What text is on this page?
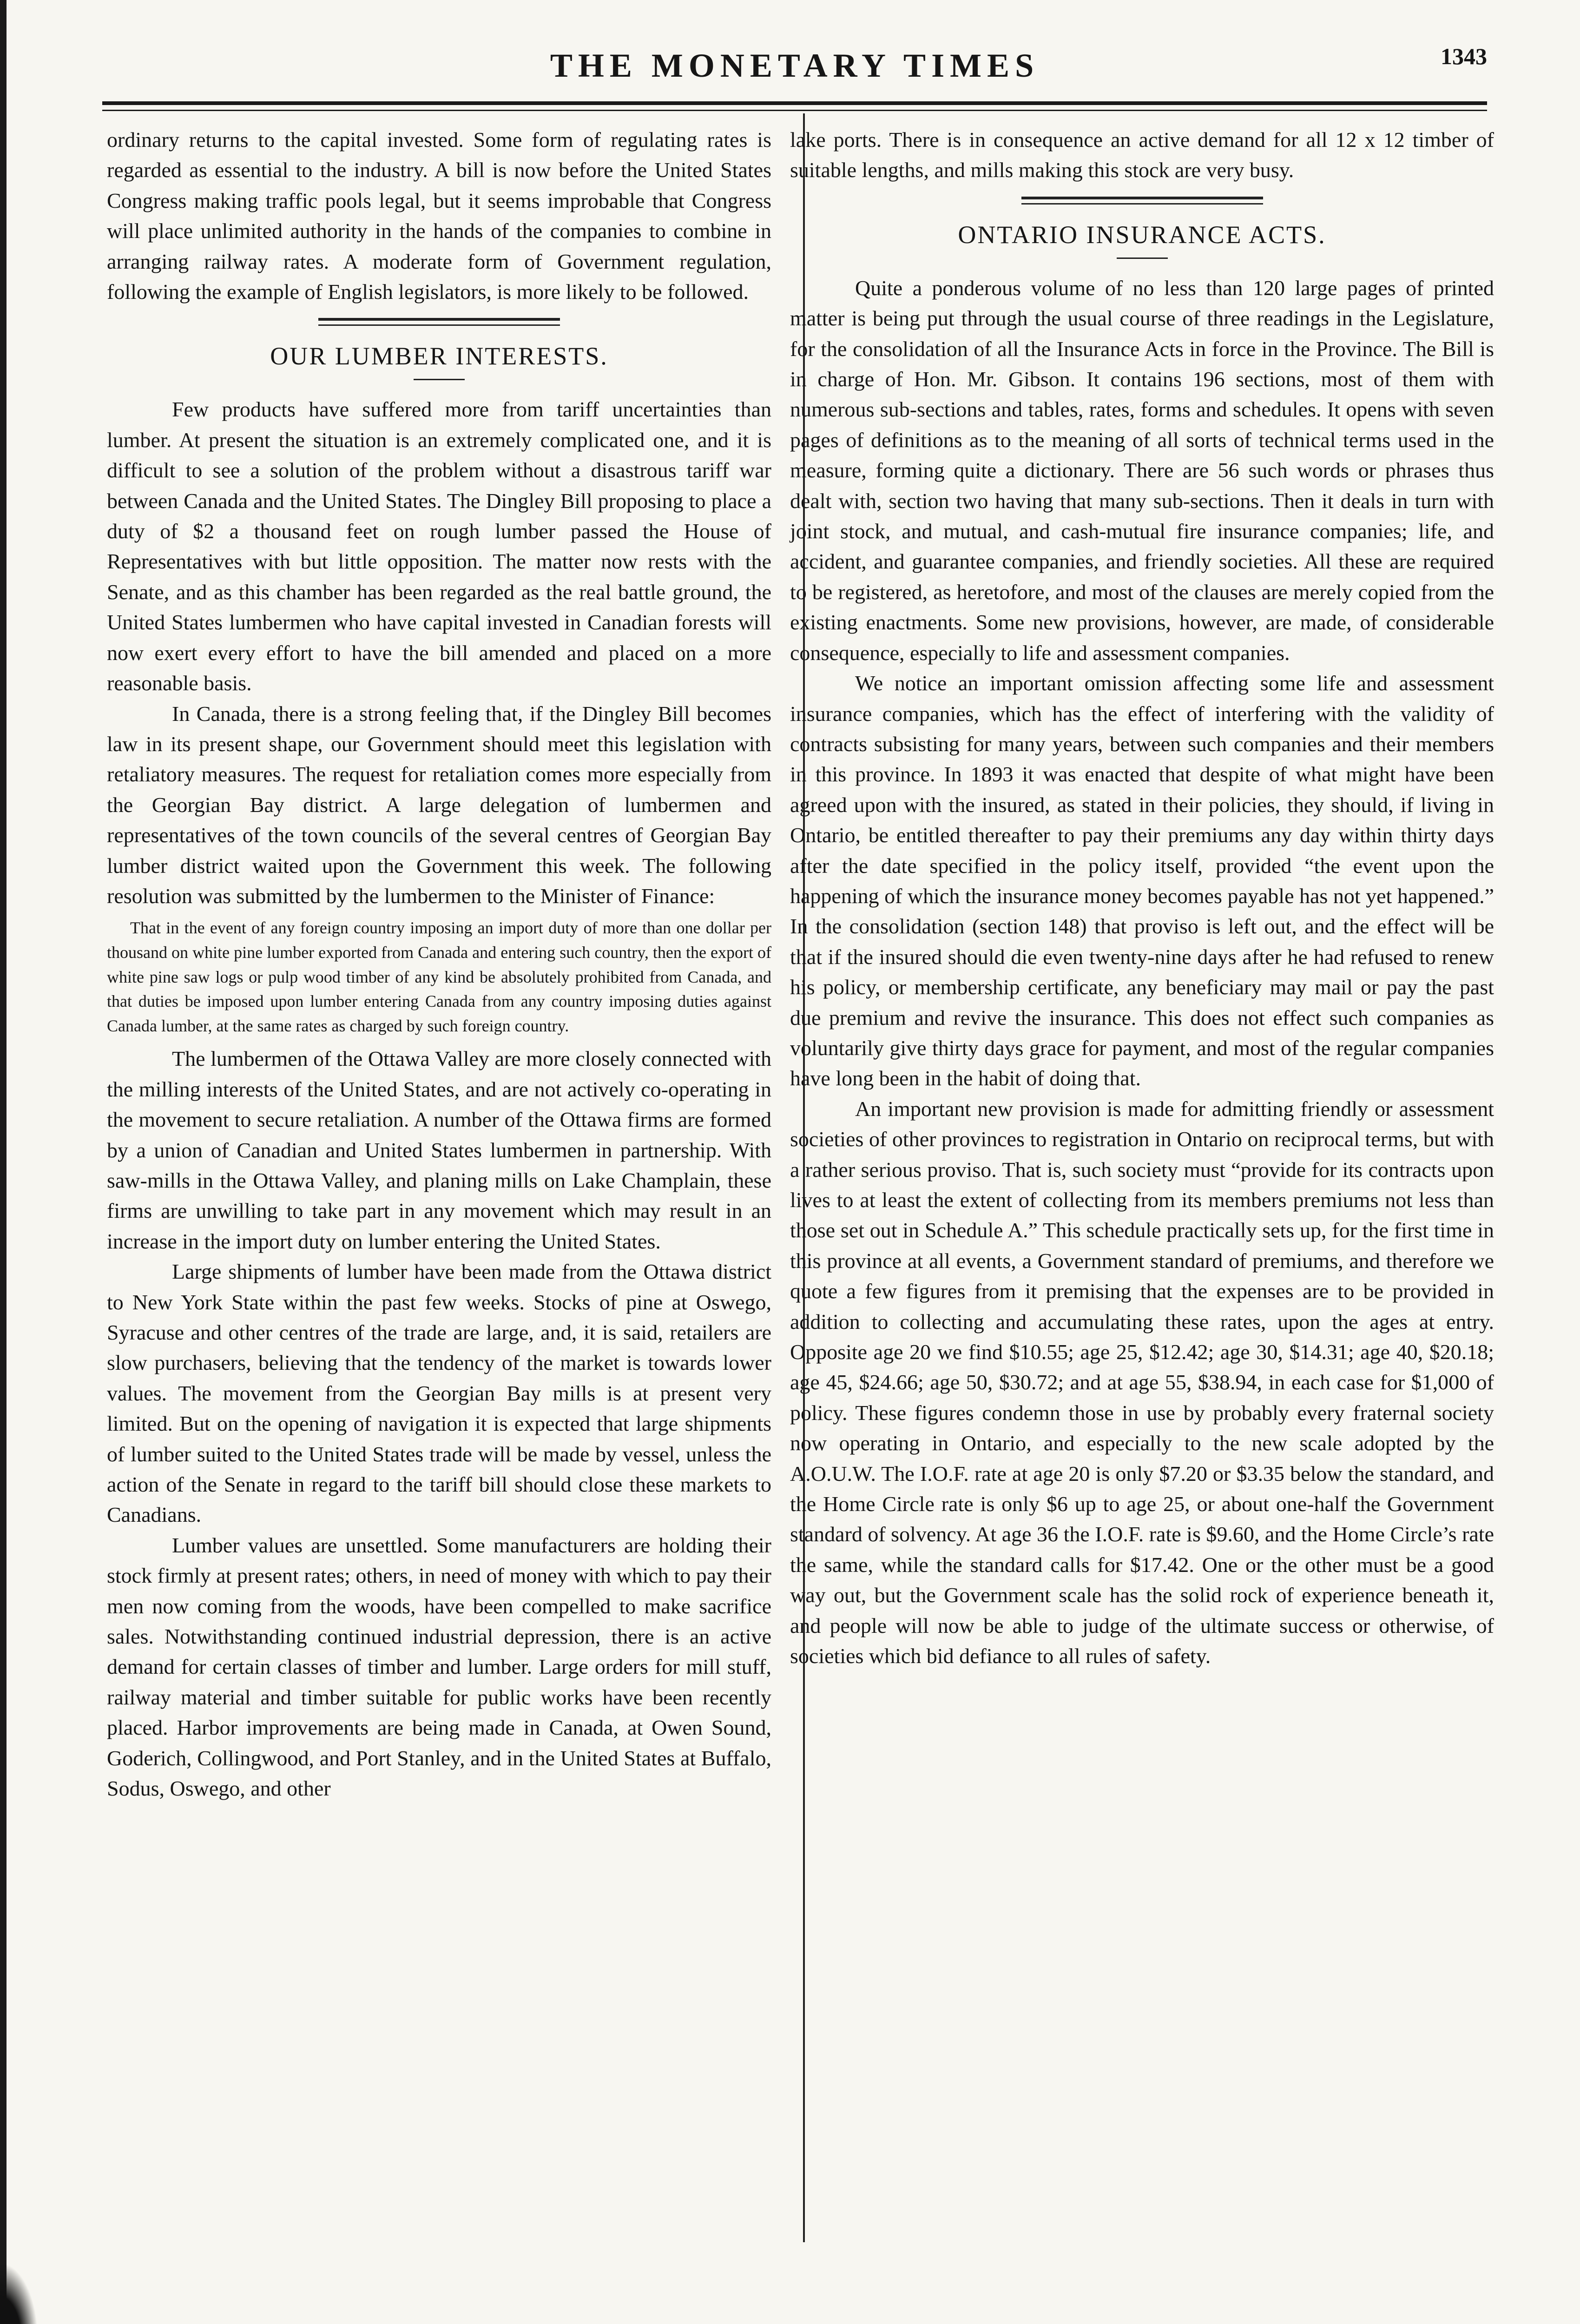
THE MONETARY TIMES	1343

ordinary returns to the capital invested. Some form of regulating rates is regarded as essential to the industry. A bill is now before the United States Congress making traffic pools legal, but it seems improbable that Congress will place unlimited authority in the hands of the companies to combine in arranging railway rates. A moderate form of Government regulation, following the example of English legislators, is more likely to be followed.

OUR LUMBER INTERESTS.

Few products have suffered more from tariff uncertainties than lumber. At present the situation is an extremely complicated one, and it is difficult to see a solution of the problem without a disastrous tariff war between Canada and the United States. The Dingley Bill proposing to place a duty of $2 a thousand feet on rough lumber passed the House of Representatives with but little opposition. The matter now rests with the Senate, and as this chamber has been regarded as the real battle ground, the United States lumbermen who have capital invested in Canadian forests will now exert every effort to have the bill amended and placed on a more reasonable basis.

In Canada, there is a strong feeling that, if the Dingley Bill becomes law in its present shape, our Government should meet this legislation with retaliatory measures. The request for retaliation comes more especially from the Georgian Bay district. A large delegation of lumbermen and representatives of the town councils of the several centres of Georgian Bay lumber district waited upon the Government this week. The following resolution was submitted by the lumbermen to the Minister of Finance:

That in the event of any foreign country imposing an import duty of more than one dollar per thousand on white pine lumber exported from Canada and entering such country, then the export of white pine saw logs or pulp wood timber of any kind be absolutely prohibited from Canada, and that duties be imposed upon lumber entering Canada from any country imposing duties against Canada lumber, at the same rates as charged by such foreign country.

The lumbermen of the Ottawa Valley are more closely connected with the milling interests of the United States, and are not actively co-operating in the movement to secure retaliation. A number of the Ottawa firms are formed by a union of Canadian and United States lumbermen in partnership. With saw-mills in the Ottawa Valley, and planing mills on Lake Champlain, these firms are unwilling to take part in any movement which may result in an increase in the import duty on lumber entering the United States.

Large shipments of lumber have been made from the Ottawa district to New York State within the past few weeks. Stocks of pine at Oswego, Syracuse and other centres of the trade are large, and, it is said, retailers are slow purchasers, believing that the tendency of the market is towards lower values. The movement from the Georgian Bay mills is at present very limited. But on the opening of navigation it is expected that large shipments of lumber suited to the United States trade will be made by vessel, unless the action of the Senate in regard to the tariff bill should close these markets to Canadians.

Lumber values are unsettled. Some manufacturers are holding their stock firmly at present rates; others, in need of money with which to pay their men now coming from the woods, have been compelled to make sacrifice sales. Notwithstanding continued industrial depression, there is an active demand for certain classes of timber and lumber. Large orders for mill stuff, railway material and timber suitable for public works have been recently placed. Harbor improvements are being made in Canada, at Owen Sound, Goderich, Collingwood, and Port Stanley, and in the United States at Buffalo, Sodus, Oswego, and other

lake ports. There is in consequence an active demand for all 12 x 12 timber of suitable lengths, and mills making this stock are very busy.

ONTARIO INSURANCE ACTS.

Quite a ponderous volume of no less than 120 large pages of printed matter is being put through the usual course of three readings in the Legislature, for the consolidation of all the Insurance Acts in force in the Province. The Bill is in charge of Hon. Mr. Gibson. It contains 196 sections, most of them with numerous sub-sections and tables, rates, forms and schedules. It opens with seven pages of definitions as to the meaning of all sorts of technical terms used in the measure, forming quite a dictionary. There are 56 such words or phrases thus dealt with, section two having that many sub-sections. Then it deals in turn with joint stock, and mutual, and cash-mutual fire insurance companies; life, and accident, and guarantee companies, and friendly societies. All these are required to be registered, as heretofore, and most of the clauses are merely copied from the existing enactments. Some new provisions, however, are made, of considerable consequence, especially to life and assessment companies.

We notice an important omission affecting some life and assessment insurance companies, which has the effect of interfering with the validity of contracts subsisting for many years, between such companies and their members in this province. In 1893 it was enacted that despite of what might have been agreed upon with the insured, as stated in their policies, they should, if living in Ontario, be entitled thereafter to pay their premiums any day within thirty days after the date specified in the policy itself, provided “the event upon the happening of which the insurance money becomes payable has not yet happened.” In the consolidation (section 148) that proviso is left out, and the effect will be that if the insured should die even twenty-nine days after he had refused to renew his policy, or membership certificate, any beneficiary may mail or pay the past due premium and revive the insurance. This does not effect such companies as voluntarily give thirty days grace for payment, and most of the regular companies have long been in the habit of doing that.

An important new provision is made for admitting friendly or assessment societies of other provinces to registration in Ontario on reciprocal terms, but with a rather serious proviso. That is, such society must “provide for its contracts upon lives to at least the extent of collecting from its members premiums not less than those set out in Schedule A.” This schedule practically sets up, for the first time in this province at all events, a Government standard of premiums, and therefore we quote a few figures from it premising that the expenses are to be provided in addition to collecting and accumulating these rates, upon the ages at entry. Opposite age 20 we find $10.55; age 25, $12.42; age 30, $14.31; age 40, $20.18; age 45, $24.66; age 50, $30.72; and at age 55, $38.94, in each case for $1,000 of policy. These figures condemn those in use by probably every fraternal society now operating in Ontario, and especially to the new scale adopted by the A.O.U.W. The I.O.F. rate at age 20 is only $7.20 or $3.35 below the standard, and the Home Circle rate is only $6 up to age 25, or about one-half the Government standard of solvency. At age 36 the I.O.F. rate is $9.60, and the Home Circle’s rate the same, while the standard calls for $17.42. One or the other must be a good way out, but the Government scale has the solid rock of experience beneath it, and people will now be able to judge of the ultimate success or otherwise, of societies which bid defiance to all rules of safety.
